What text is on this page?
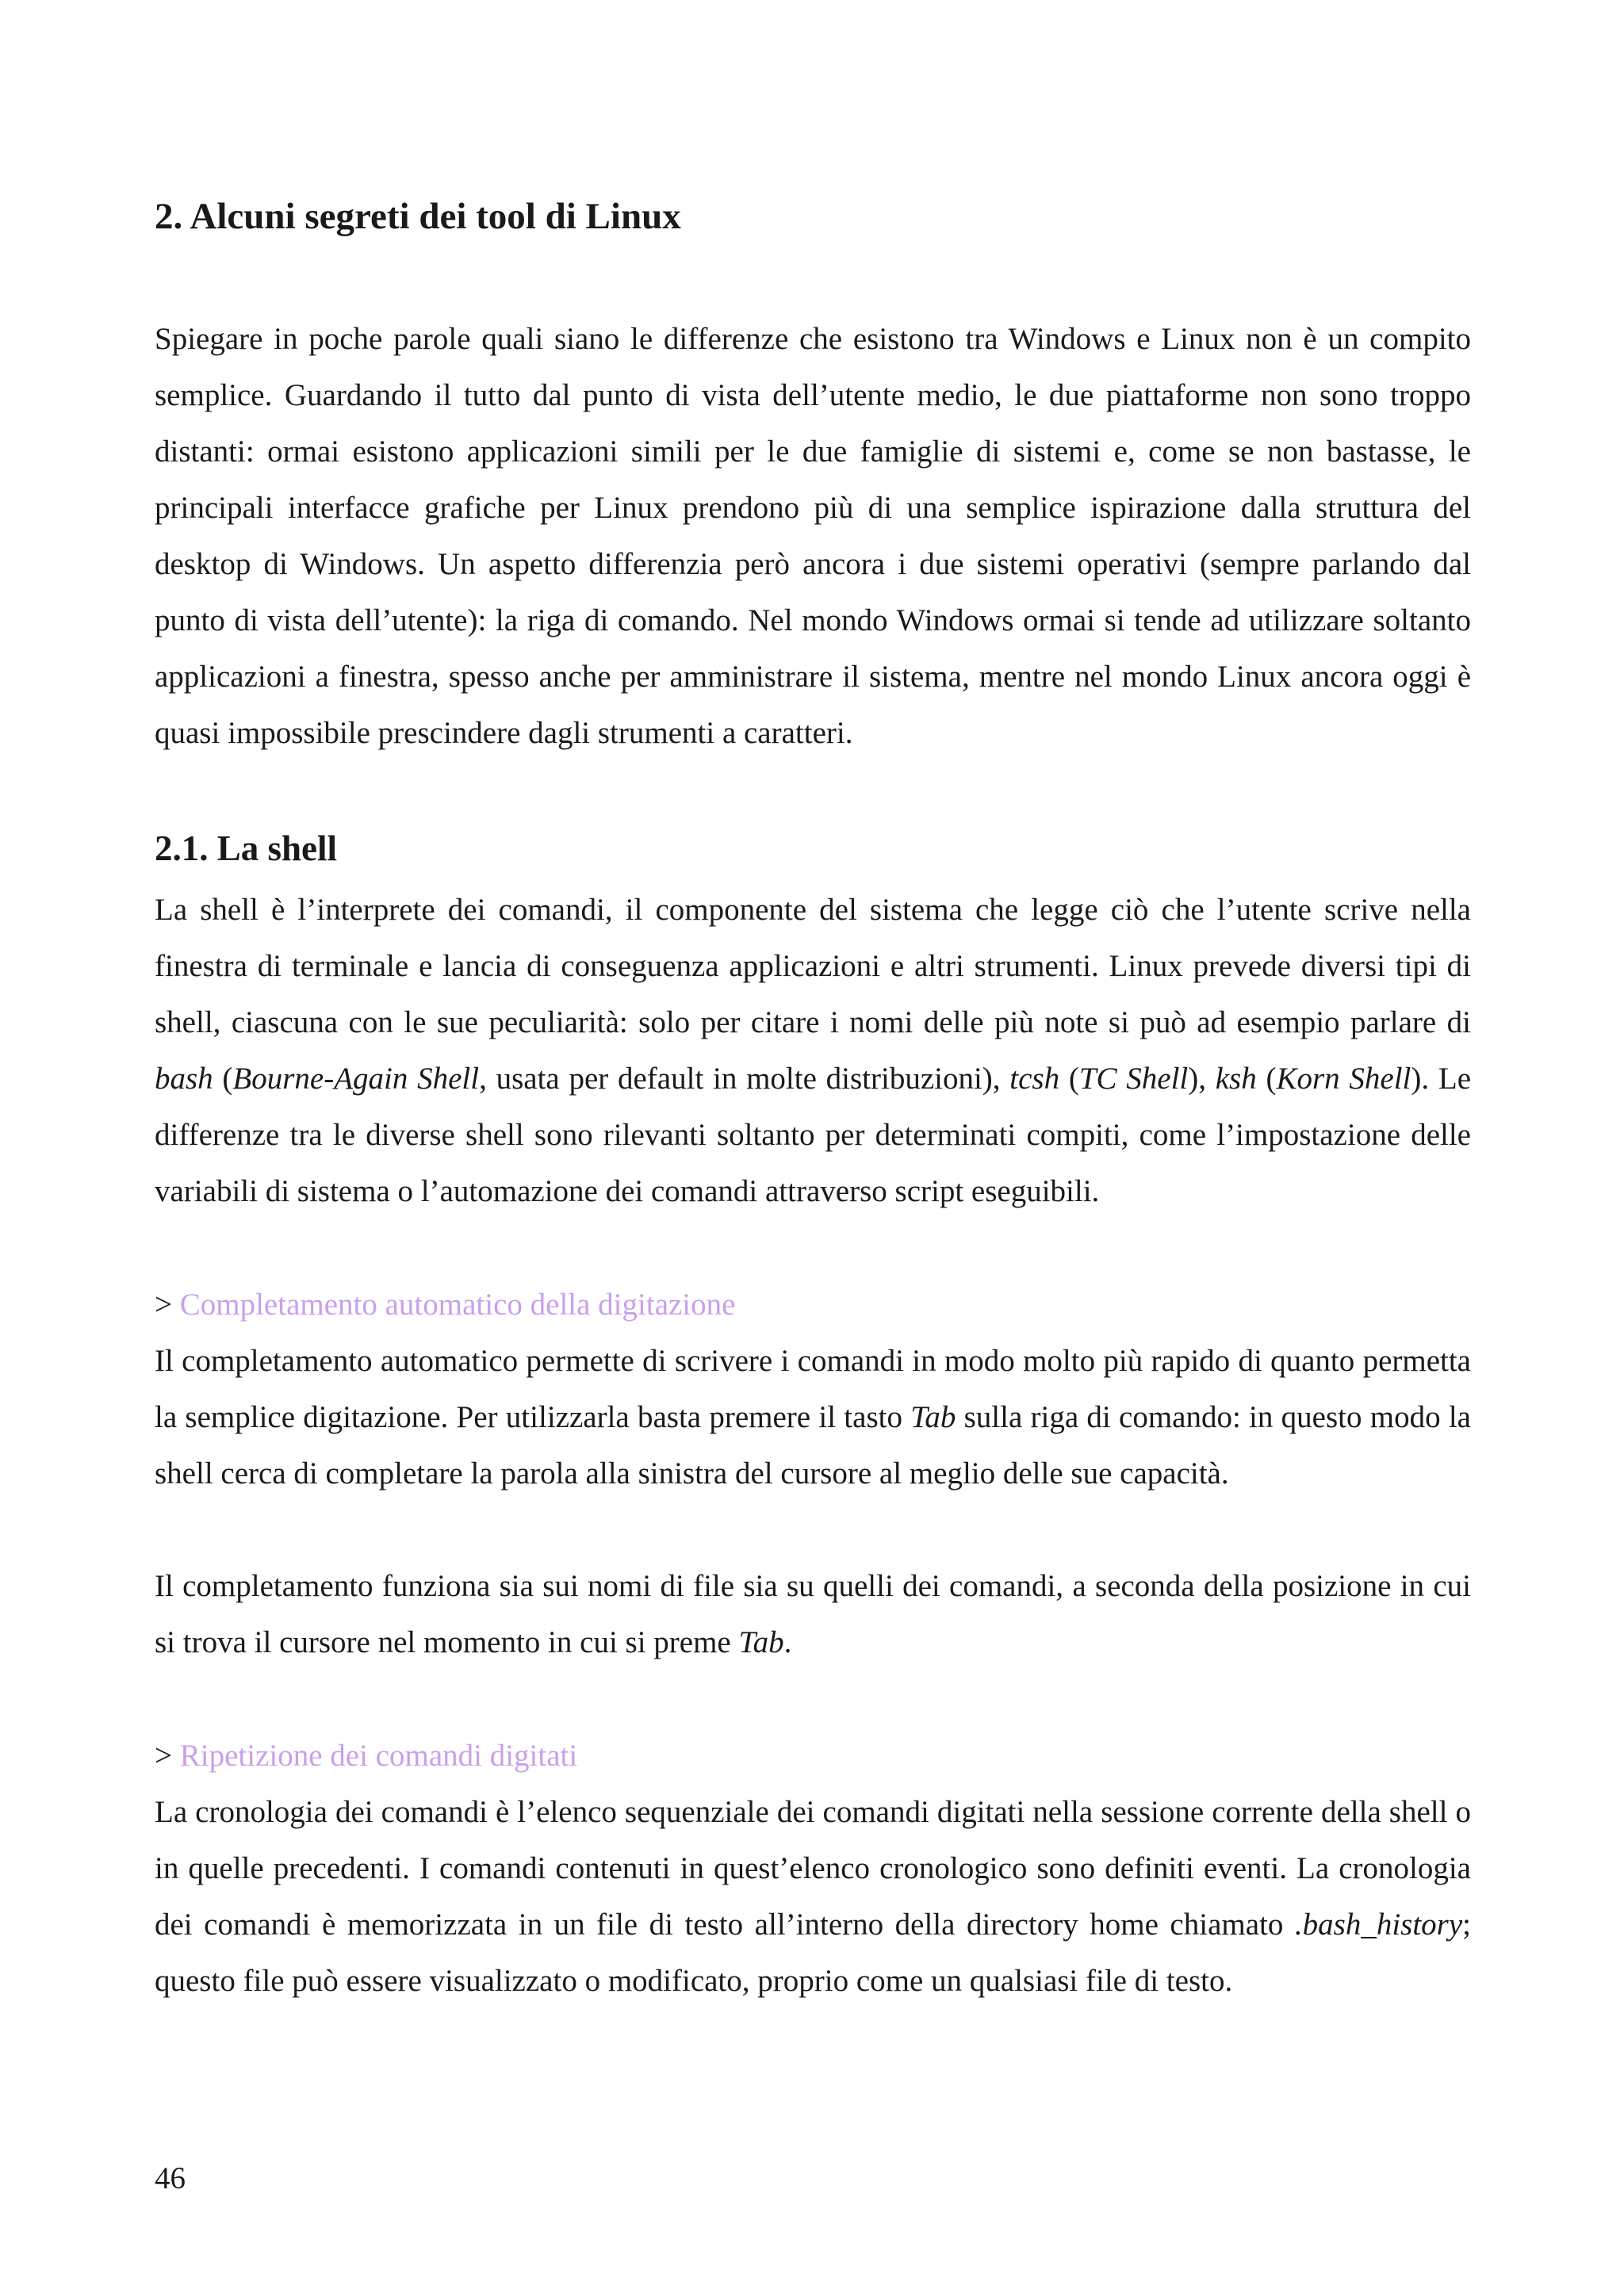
2. Alcuni segreti dei tool di Linux

Spiegare in poche parole quali siano le differenze che esistono tra Windows e Linux non è un compito semplice. Guardando il tutto dal punto di vista dell’utente medio, le due piattaforme non sono troppo distanti: ormai esistono applicazioni simili per le due famiglie di sistemi e, come se non bastasse, le principali interfacce grafiche per Linux prendono più di una semplice ispirazione dalla struttura del desktop di Windows. Un aspetto differenzia però ancora i due sistemi operativi (sempre parlando dal punto di vista dell’utente): la riga di comando. Nel mondo Windows ormai si tende ad utilizzare soltanto applicazioni a finestra, spesso anche per amministrare il sistema, mentre nel mondo Linux ancora oggi è quasi impossibile prescindere dagli strumenti a caratteri.

2.1. La shell

La shell è l’interprete dei comandi, il componente del sistema che legge ciò che l’utente scrive nella finestra di terminale e lancia di conseguenza applicazioni e altri strumenti. Linux prevede diversi tipi di shell, ciascuna con le sue peculiarità: solo per citare i nomi delle più note si può ad esempio parlare di bash (Bourne-Again Shell, usata per default in molte distribuzioni), tcsh (TC Shell), ksh (Korn Shell). Le differenze tra le diverse shell sono rilevanti soltanto per determinati compiti, come l’impostazione delle variabili di sistema o l’automazione dei comandi attraverso script eseguibili.

> Completamento automatico della digitazione

Il completamento automatico permette di scrivere i comandi in modo molto più rapido di quanto permetta la semplice digitazione. Per utilizzarla basta premere il tasto Tab sulla riga di comando: in questo modo la shell cerca di completare la parola alla sinistra del cursore al meglio delle sue capacità.

Il completamento funziona sia sui nomi di file sia su quelli dei comandi, a seconda della posizione in cui si trova il cursore nel momento in cui si preme Tab.

> Ripetizione dei comandi digitati

La cronologia dei comandi è l’elenco sequenziale dei comandi digitati nella sessione corrente della shell o in quelle precedenti. I comandi contenuti in quest’elenco cronologico sono definiti eventi. La cronologia dei comandi è memorizzata in un file di testo all’interno della directory home chiamato .bash_history; questo file può essere visualizzato o modificato, proprio come un qualsiasi file di testo.

46
